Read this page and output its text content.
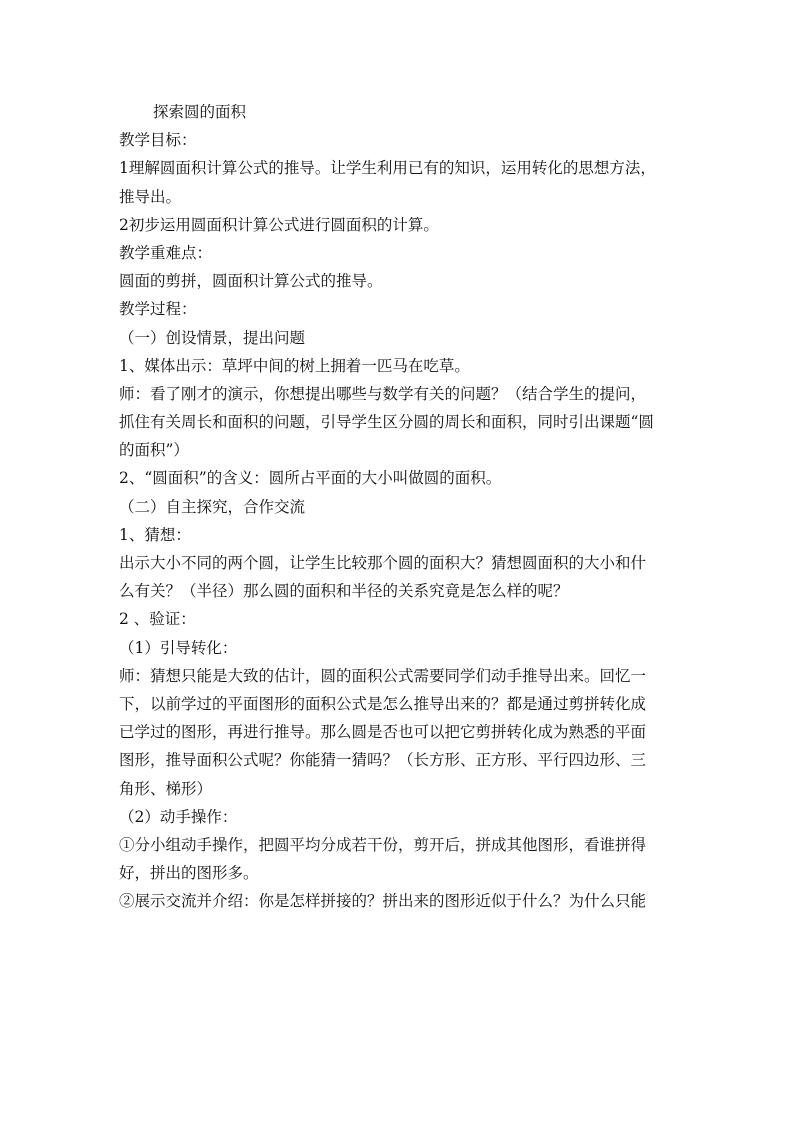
探索圆的面积
教学目标：
1理解圆面积计算公式的推导。让学生利用已有的知识，运用转化的思想方法，
推导出。
2初步运用圆面积计算公式进行圆面积的计算。
教学重难点：
圆面的剪拼，圆面积计算公式的推导。
教学过程：
（一）创设情景，提出问题
1、媒体出示：草坪中间的树上拥着一匹马在吃草。
师：看了刚才的演示，你想提出哪些与数学有关的问题？（结合学生的提问，
抓住有关周长和面积的问题，引导学生区分圆的周长和面积，同时引出课题“圆
的面积”）
2、“圆面积”的含义：圆所占平面的大小叫做圆的面积。
（二）自主探究，合作交流
1、猜想：
出示大小不同的两个圆，让学生比较那个圆的面积大？猜想圆面积的大小和什
么有关？（半径）那么圆的面积和半径的关系究竟是怎么样的呢？
2 、验证：
（1）引导转化：
师：猜想只能是大致的估计，圆的面积公式需要同学们动手推导出来。回忆一
下，以前学过的平面图形的面积公式是怎么推导出来的？都是通过剪拼转化成
已学过的图形，再进行推导。那么圆是否也可以把它剪拼转化成为熟悉的平面
图形，推导面积公式呢？你能猜一猜吗？（长方形、正方形、平行四边形、三
角形、梯形）
（2）动手操作：
①分小组动手操作，把圆平均分成若干份，剪开后，拼成其他图形，看谁拼得
好，拼出的图形多。
②展示交流并介绍：你是怎样拼接的？拼出来的图形近似于什么？为什么只能
